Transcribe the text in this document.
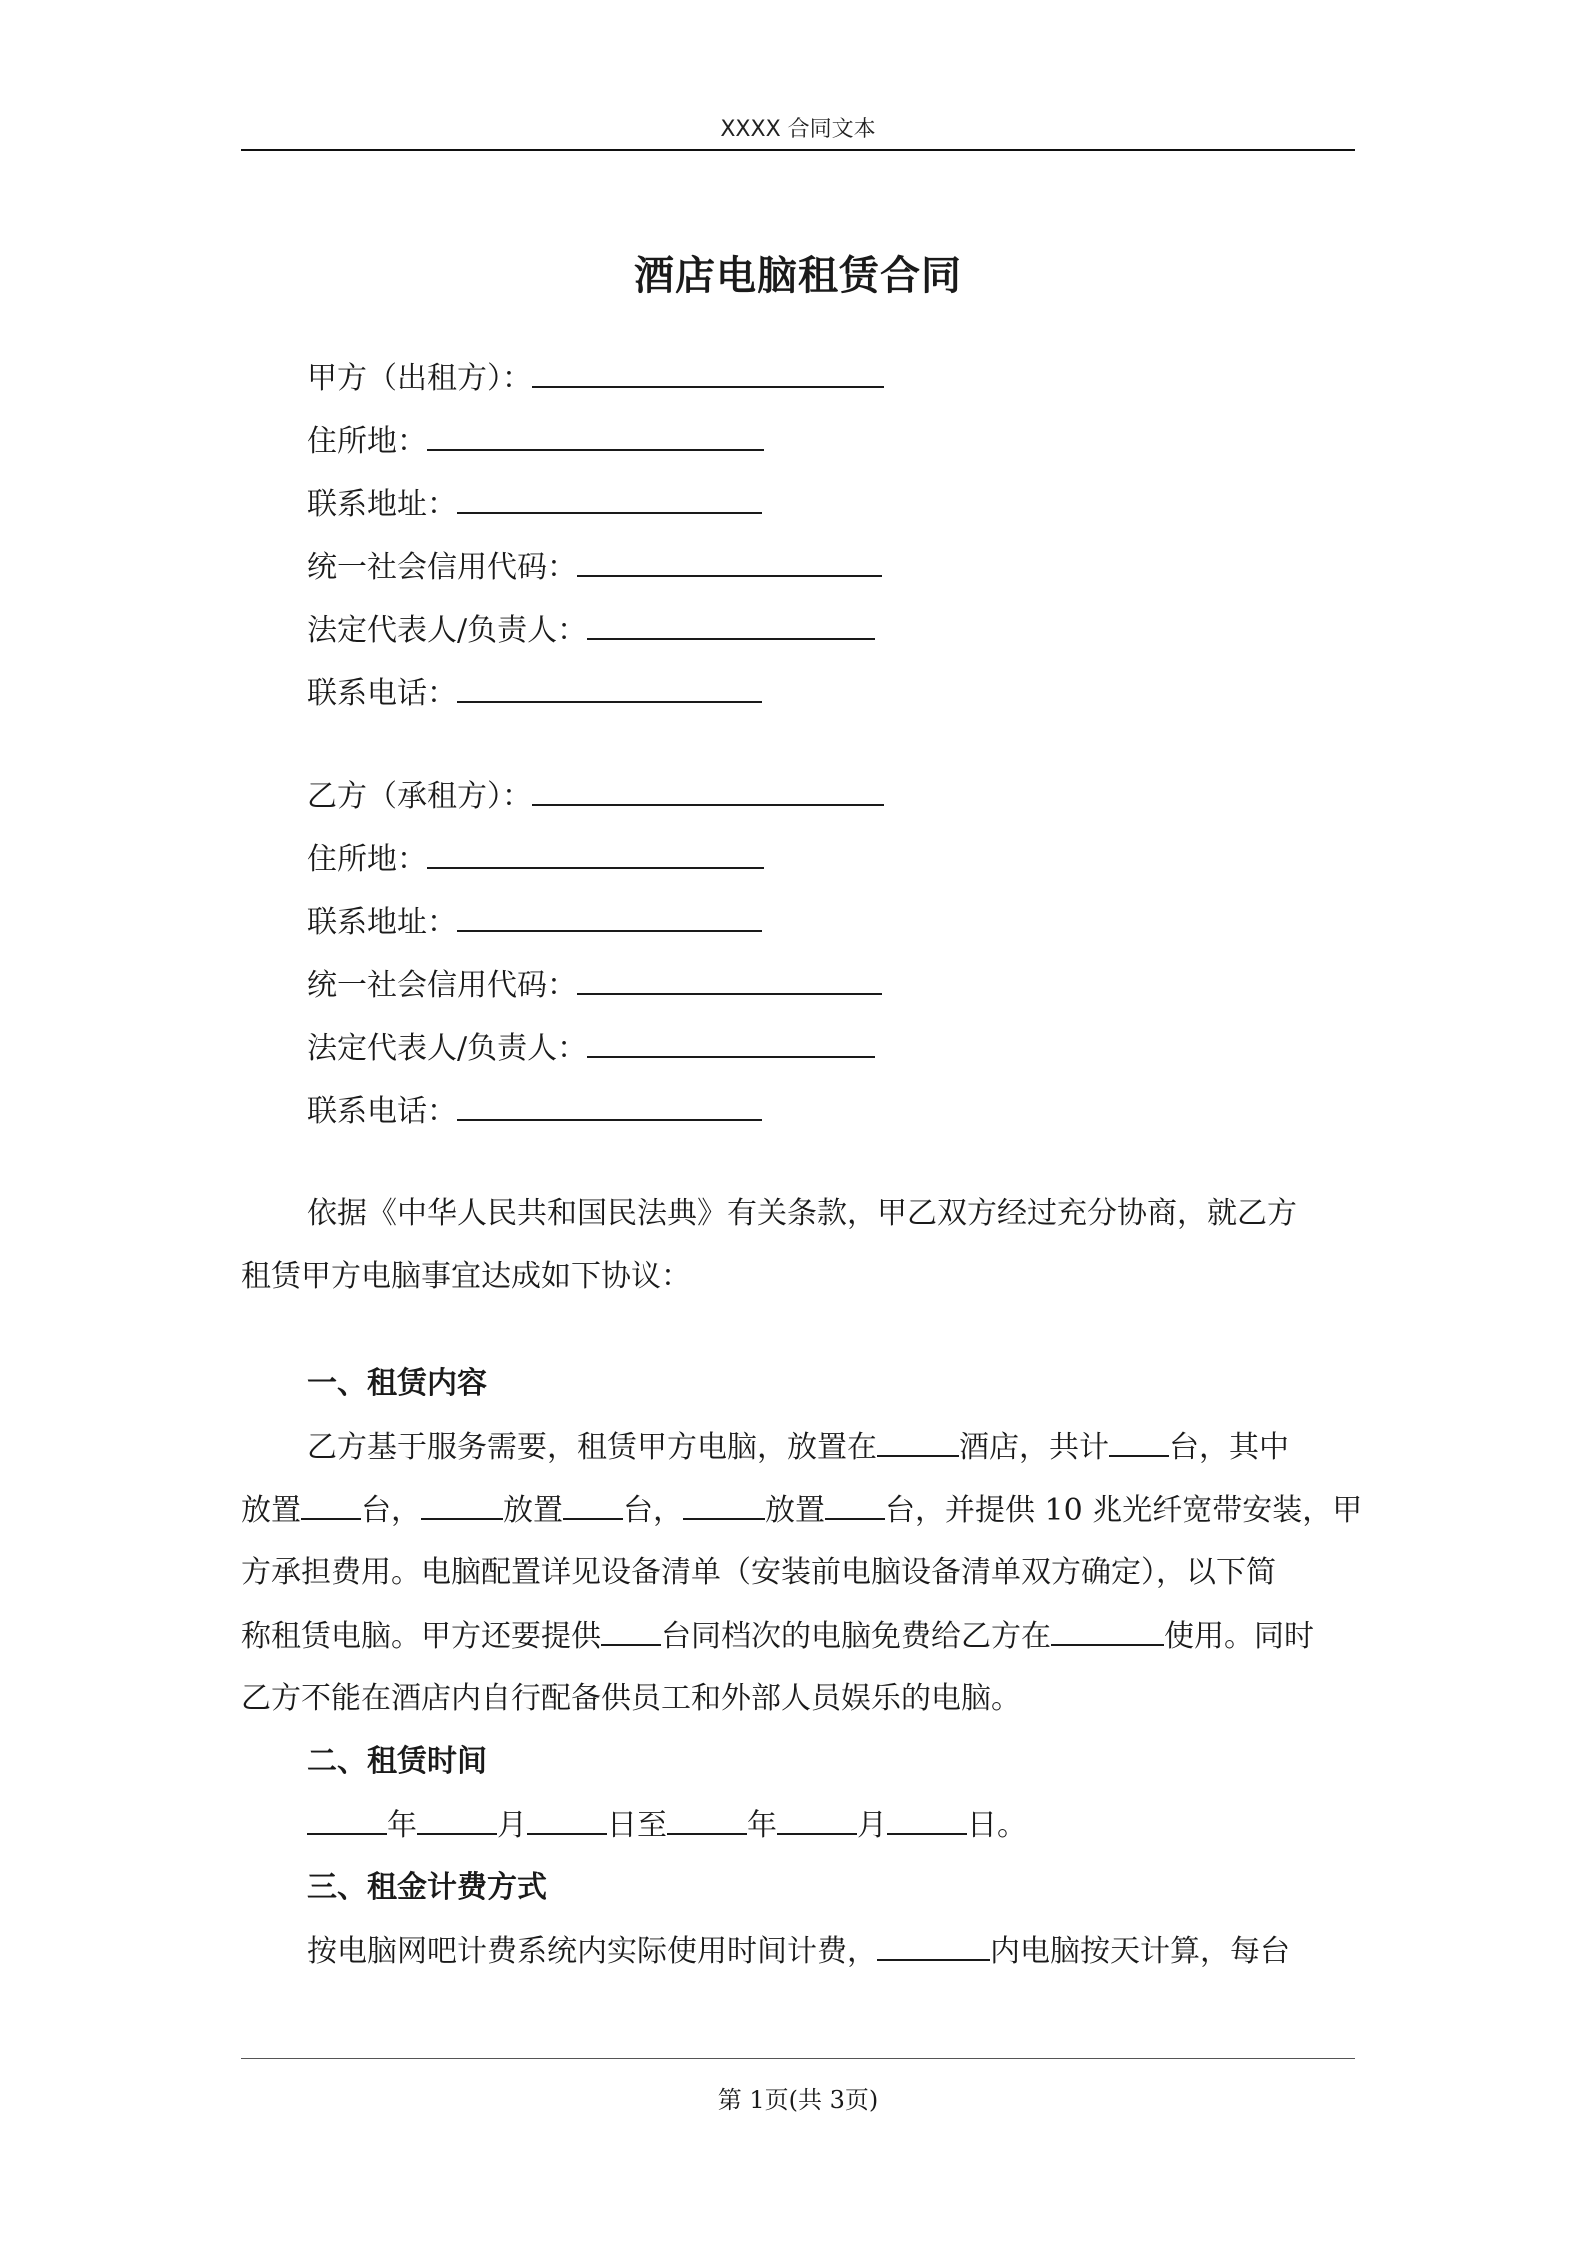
XXXX 合同文本
酒店电脑租赁合同
甲方（出租方）：
住所地：
联系地址：
统一社会信用代码：
法定代表人/负责人：
联系电话：
乙方（承租方）：
住所地：
联系地址：
统一社会信用代码：
法定代表人/负责人：
联系电话：
依据《中华人民共和国民法典》有关条款，甲乙双方经过充分协商，就乙方
租赁甲方电脑事宜达成如下协议：
一、租赁内容
乙方基于服务需要，租赁甲方电脑，放置在	酒店，共计 台，其中
放置 台，	放置 台，	放置 台，并提供 10 兆光纤宽带安装，甲
方承担费用。电脑配置详见设备清单（安装前电脑设备清单双方确定），以下简
称租赁电脑。甲方还要提供 台同档次的电脑免费给乙方在	使用。同时
乙方不能在酒店内自行配备供员工和外部人员娱乐的电脑。
二、租赁时间
年	月	日至	年	月	日。
三、租金计费方式
按电脑网吧计费系统内实际使用时间计费，	内电脑按天计算，每台
第 1页(共 3页)
